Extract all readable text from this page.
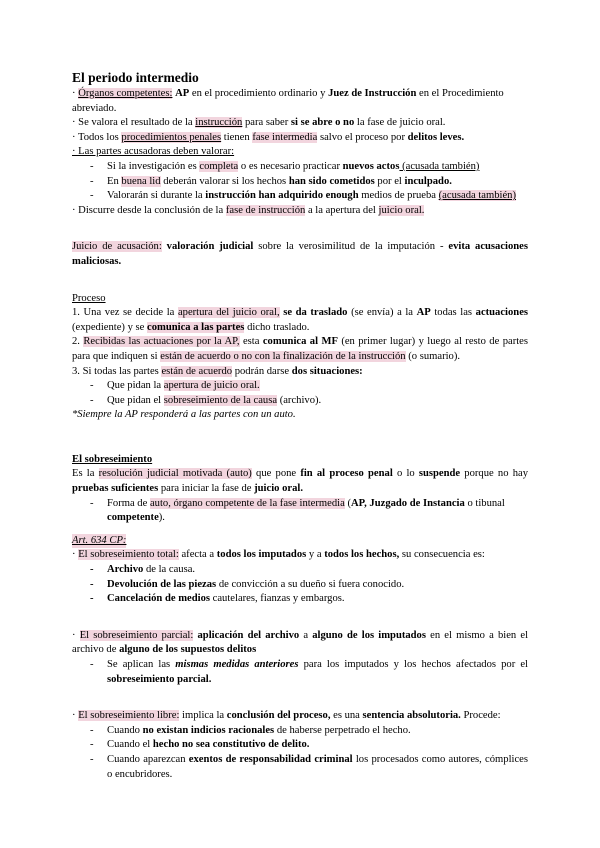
El periodo intermedio

· Órganos competentes: AP en el procedimiento ordinario y Juez de Instrucción en el Procedimiento abreviado.

· Se valora el resultado de la instrucción para saber si se abre o no la fase de juicio oral.

· Todos los procedimientos penales tienen fase intermedia salvo el proceso por delitos leves.

· Las partes acusadoras deben valorar:

- Si la investigación es completa o es necesario practicar nuevos actos (acusada también)
- En buena lid deberán valorar si los hechos han sido cometidos por el inculpado.
- Valorarán si durante la instrucción han adquirido enough medios de prueba (acusada también)

· Discurre desde la conclusión de la fase de instrucción a la apertura del juicio oral.

Juicio de acusación: valoración judicial sobre la verosimilitud de la imputación - evita acusaciones maliciosas.

Proceso

1. Una vez se decide la apertura del juicio oral, se da traslado (se envía) a la AP todas las actuaciones (expediente) y se comunica a las partes dicho traslado.

2. Recibidas las actuaciones por la AP, esta comunica al MF (en primer lugar) y luego al resto de partes para que indiquen si están de acuerdo o no con la finalización de la instrucción (o sumario).

3. Si todas las partes están de acuerdo podrán darse dos situaciones:

- Que pidan la apertura de juicio oral.
- Que pidan el sobreseimiento de la causa (archivo).

*Siempre la AP responderá a las partes con un auto.

El sobreseimiento

Es la resolución judicial motivada (auto) que pone fin al proceso penal o lo suspende porque no hay pruebas suficientes para iniciar la fase de juicio oral.

- Forma de auto, órgano competente de la fase intermedia (AP, Juzgado de Instancia o tibunal competente).

Art. 634 CP:

· El sobreseimiento total: afecta a todos los imputados y a todos los hechos, su consecuencia es:

- Archivo de la causa.
- Devolución de las piezas de convicción a su dueño si fuera conocido.
- Cancelación de medios cautelares, fianzas y embargos.

· El sobreseimiento parcial: aplicación del archivo a alguno de los imputados en el mismo a bien el archivo de alguno de los supuestos delitos

- Se aplican las mismas medidas anteriores para los imputados y los hechos afectados por el sobreseimiento parcial.

· El sobreseimiento libre: implica la conclusión del proceso, es una sentencia absolutoria. Procede:

- Cuando no existan indicios racionales de haberse perpetrado el hecho.
- Cuando el hecho no sea constitutivo de delito.
- Cuando aparezcan exentos de responsabilidad criminal los procesados como autores, cómplices o encubridores.
